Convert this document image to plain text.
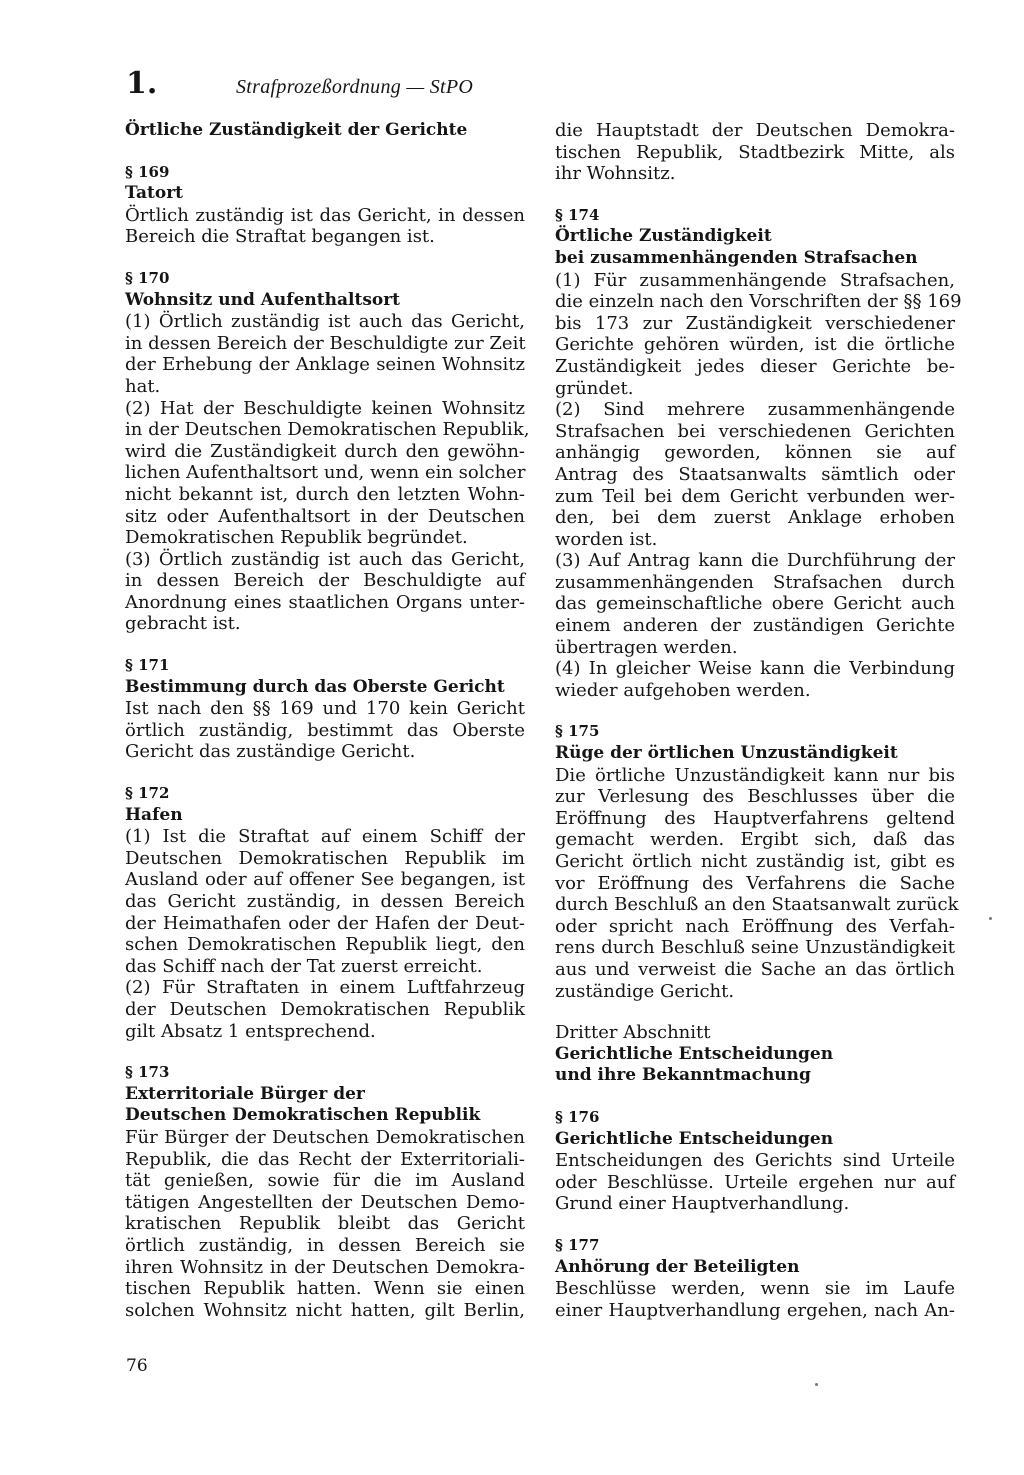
1.	Strafprozeßordnung — StPO
Örtliche Zuständigkeit der Gerichte
§ 169
Tatort
Örtlich zuständig ist das Gericht, in dessen
Bereich die Straftat begangen ist.
§ 170
Wohnsitz und Aufenthaltsort
(1) Örtlich zuständig ist auch das Gericht,
in dessen Bereich der Beschuldigte zur Zeit
der Erhebung der Anklage seinen Wohnsitz
hat.
(2) Hat der Beschuldigte keinen Wohnsitz
in der Deutschen Demokratischen Republik,
wird die Zuständigkeit durch den gewöhn-
lichen Aufenthaltsort und, wenn ein solcher
nicht bekannt ist, durch den letzten Wohn-
sitz oder Aufenthaltsort in der Deutschen
Demokratischen Republik begründet.
(3) Örtlich zuständig ist auch das Gericht,
in dessen Bereich der Beschuldigte auf
Anordnung eines staatlichen Organs unter-
gebracht ist.
§ 171
Bestimmung durch das Oberste Gericht
Ist nach den §§ 169 und 170 kein Gericht
örtlich zuständig, bestimmt das Oberste
Gericht das zuständige Gericht.
§ 172
Hafen
(1) Ist die Straftat auf einem Schiff der
Deutschen Demokratischen Republik im
Ausland oder auf offener See begangen, ist
das Gericht zuständig, in dessen Bereich
der Heimathafen oder der Hafen der Deut-
schen Demokratischen Republik liegt, den
das Schiff nach der Tat zuerst erreicht.
(2) Für Straftaten in einem Luftfahrzeug
der Deutschen Demokratischen Republik
gilt Absatz 1 entsprechend.
§ 173
Exterritoriale Bürger der
Deutschen Demokratischen Republik
Für Bürger der Deutschen Demokratischen
Republik, die das Recht der Exterritoriali-
tät genießen, sowie für die im Ausland
tätigen Angestellten der Deutschen Demo-
kratischen Republik bleibt das Gericht
örtlich zuständig, in dessen Bereich sie
ihren Wohnsitz in der Deutschen Demokra-
tischen Republik hatten. Wenn sie einen
solchen Wohnsitz nicht hatten, gilt Berlin,
die Hauptstadt der Deutschen Demokra-
tischen Republik, Stadtbezirk Mitte, als
ihr Wohnsitz.
§ 174
Örtliche Zuständigkeit
bei zusammenhängenden Strafsachen
(1) Für zusammenhängende Strafsachen,
die einzeln nach den Vorschriften der §§ 169
bis 173 zur Zuständigkeit verschiedener
Gerichte gehören würden, ist die örtliche
Zuständigkeit jedes dieser Gerichte be-
gründet.
(2) Sind mehrere zusammenhängende
Strafsachen bei verschiedenen Gerichten
anhängig geworden, können sie auf
Antrag des Staatsanwalts sämtlich oder
zum Teil bei dem Gericht verbunden wer-
den, bei dem zuerst Anklage erhoben
worden ist.
(3) Auf Antrag kann die Durchführung der
zusammenhängenden Strafsachen durch
das gemeinschaftliche obere Gericht auch
einem anderen der zuständigen Gerichte
übertragen werden.
(4) In gleicher Weise kann die Verbindung
wieder aufgehoben werden.
§ 175
Rüge der örtlichen Unzuständigkeit
Die örtliche Unzuständigkeit kann nur bis
zur Verlesung des Beschlusses über die
Eröffnung des Hauptverfahrens geltend
gemacht werden. Ergibt sich, daß das
Gericht örtlich nicht zuständig ist, gibt es
vor Eröffnung des Verfahrens die Sache
durch Beschluß an den Staatsanwalt zurück
oder spricht nach Eröffnung des Verfah-
rens durch Beschluß seine Unzuständigkeit
aus und verweist die Sache an das örtlich
zuständige Gericht.
Dritter Abschnitt
Gerichtliche Entscheidungen
und ihre Bekanntmachung
§ 176
Gerichtliche Entscheidungen
Entscheidungen des Gerichts sind Urteile
oder Beschlüsse. Urteile ergehen nur auf
Grund einer Hauptverhandlung.
§ 177
Anhörung der Beteiligten
Beschlüsse werden, wenn sie im Laufe
einer Hauptverhandlung ergehen, nach An-
76
